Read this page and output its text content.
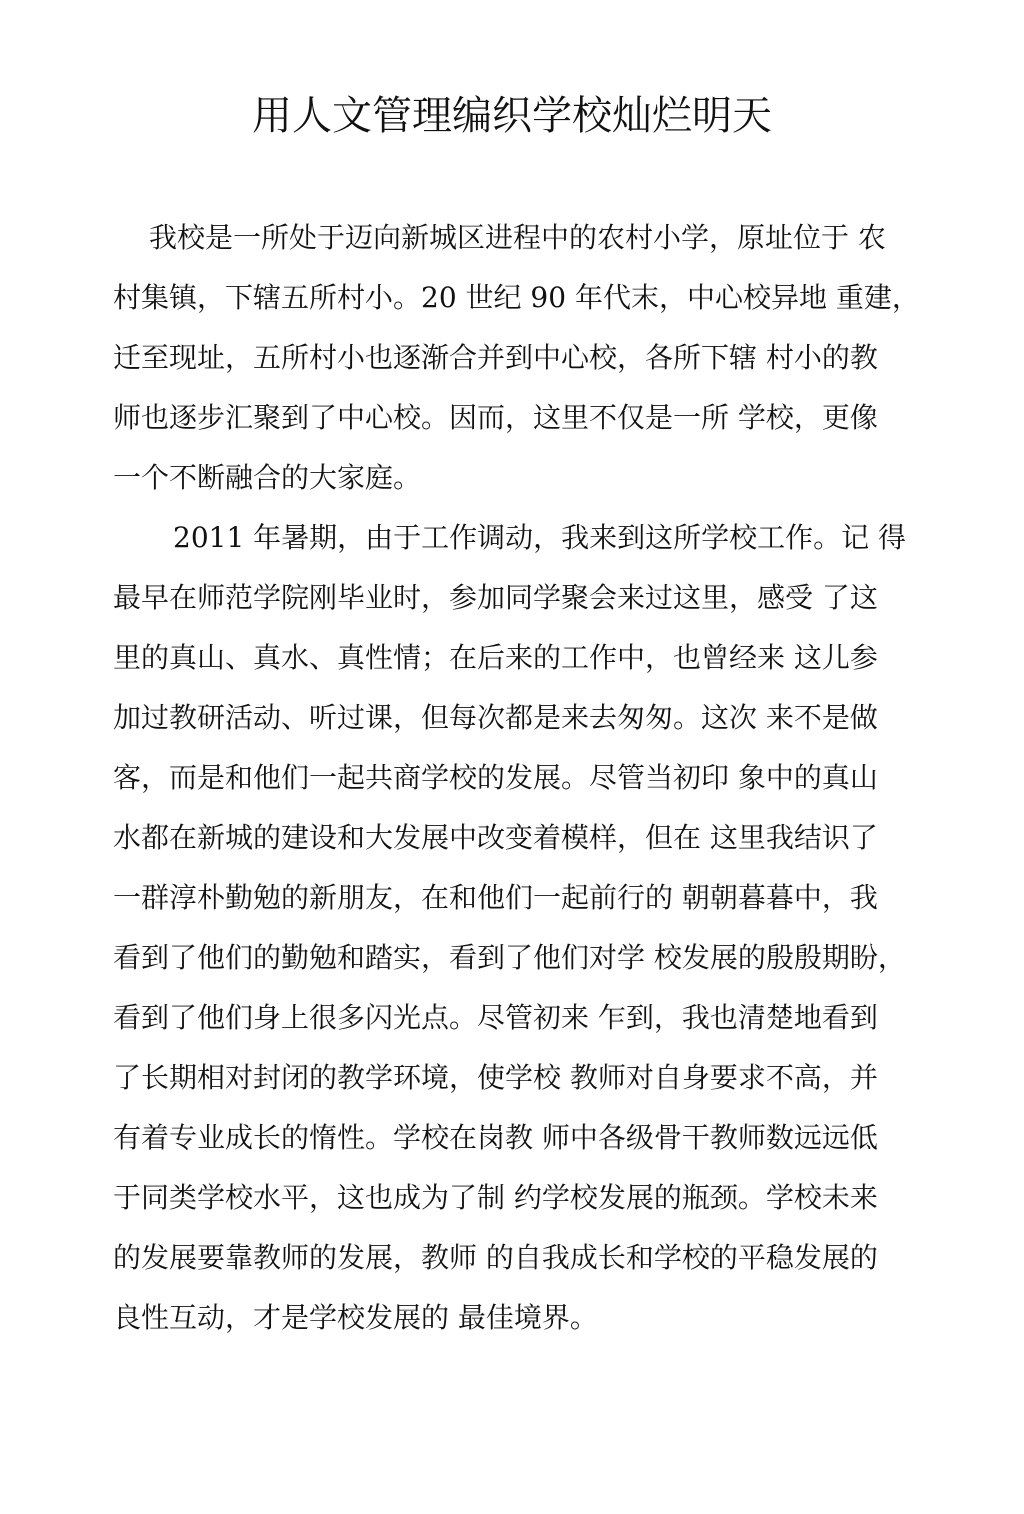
用人文管理编织学校灿烂明天
我校是一所处于迈向新城区进程中的农村小学，原址位于 农
村集镇，下辖五所村小。20 世纪 90 年代末，中心校异地 重建，
迁至现址，五所村小也逐渐合并到中心校，各所下辖 村小的教
师也逐步汇聚到了中心校。因而，这里不仅是一所 学校，更像
一个不断融合的大家庭。
2011 年暑期，由于工作调动，我来到这所学校工作。记 得
最早在师范学院刚毕业时，参加同学聚会来过这里，感受 了这
里的真山、真水、真性情；在后来的工作中，也曾经来 这儿参
加过教研活动、听过课，但每次都是来去匆匆。这次 来不是做
客，而是和他们一起共商学校的发展。尽管当初印 象中的真山
水都在新城的建设和大发展中改变着模样，但在 这里我结识了
一群淳朴勤勉的新朋友，在和他们一起前行的 朝朝暮暮中，我
看到了他们的勤勉和踏实，看到了他们对学 校发展的殷殷期盼，
看到了他们身上很多闪光点。尽管初来 乍到，我也清楚地看到
了长期相对封闭的教学环境，使学校 教师对自身要求不高，并
有着专业成长的惰性。学校在岗教 师中各级骨干教师数远远低
于同类学校水平，这也成为了制 约学校发展的瓶颈。学校未来
的发展要靠教师的发展，教师 的自我成长和学校的平稳发展的
良性互动，才是学校发展的 最佳境界。
